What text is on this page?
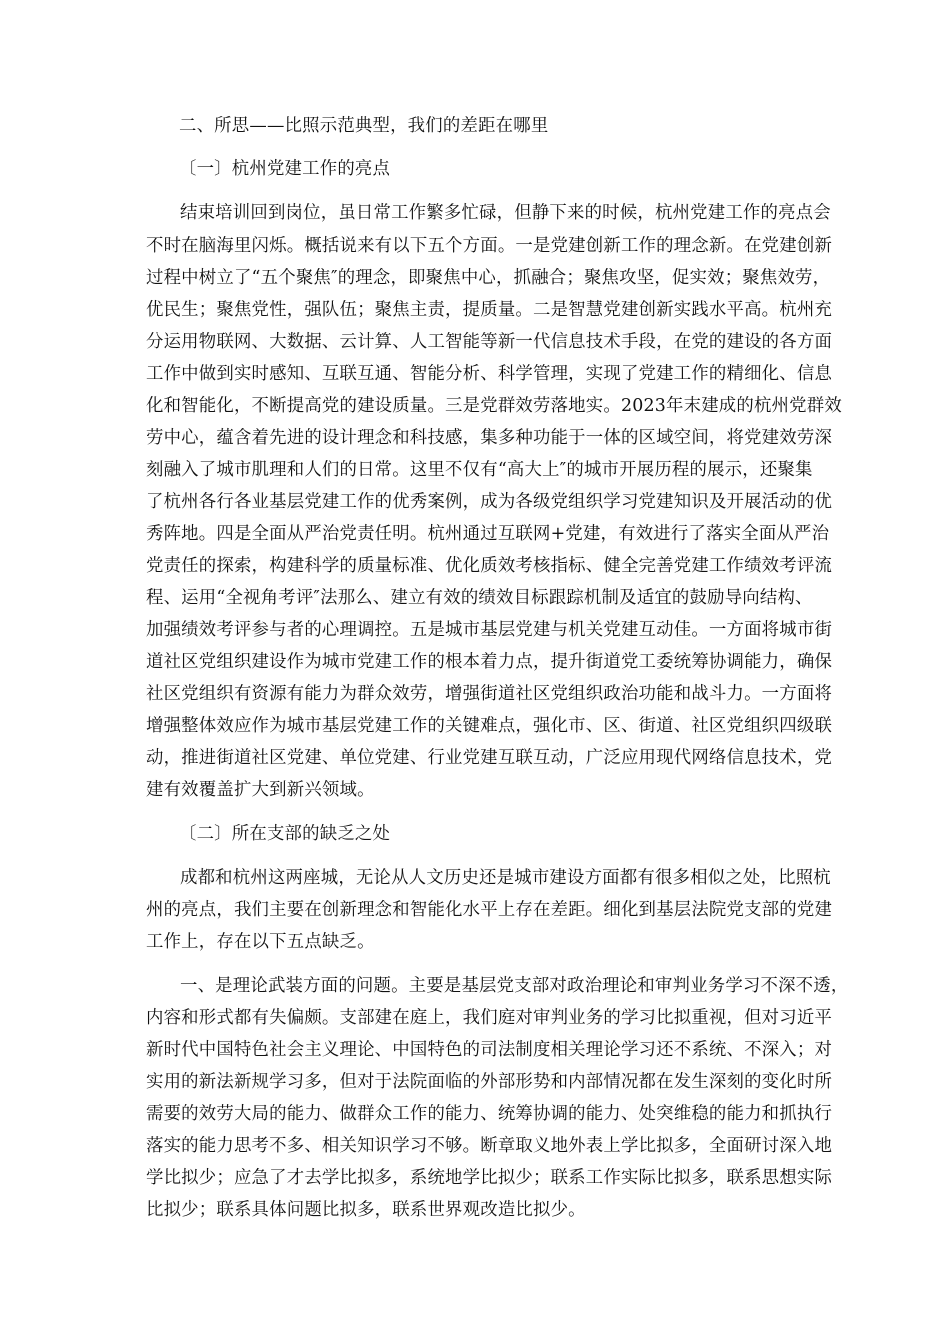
二、所思——比照示范典型，我们的差距在哪里
〔一〕杭州党建工作的亮点
结束培训回到岗位，虽日常工作繁多忙碌，但静下来的时候，杭州党建工作的亮点会
不时在脑海里闪烁。概括说来有以下五个方面。一是党建创新工作的理念新。在党建创新
过程中树立了“五个聚焦″的理念，即聚焦中心，抓融合；聚焦攻坚，促实效；聚焦效劳，
优民生；聚焦党性，强队伍；聚焦主责，提质量。二是智慧党建创新实践水平高。杭州充
分运用物联网、大数据、云计算、人工智能等新一代信息技术手段，在党的建设的各方面
工作中做到实时感知、互联互通、智能分析、科学管理，实现了党建工作的精细化、信息
化和智能化，不断提高党的建设质量。三是党群效劳落地实。2023年末建成的杭州党群效
劳中心，蕴含着先进的设计理念和科技感，集多种功能于一体的区域空间，将党建效劳深
刻融入了城市肌理和人们的日常。这里不仅有“高大上″的城市开展历程的展示，还聚集
了杭州各行各业基层党建工作的优秀案例，成为各级党组织学习党建知识及开展活动的优
秀阵地。四是全面从严治党责任明。杭州通过互联网+党建，有效进行了落实全面从严治
党责任的探索，构建科学的质量标准、优化质效考核指标、健全完善党建工作绩效考评流
程、运用“全视角考评″法那么、建立有效的绩效目标跟踪机制及适宜的鼓励导向结构、
加强绩效考评参与者的心理调控。五是城市基层党建与机关党建互动佳。一方面将城市街
道社区党组织建设作为城市党建工作的根本着力点，提升街道党工委统筹协调能力，确保
社区党组织有资源有能力为群众效劳，增强街道社区党组织政治功能和战斗力。一方面将
增强整体效应作为城市基层党建工作的关键难点，强化市、区、街道、社区党组织四级联
动，推进街道社区党建、单位党建、行业党建互联互动，广泛应用现代网络信息技术，党
建有效覆盖扩大到新兴领域。
〔二〕所在支部的缺乏之处
成都和杭州这两座城，无论从人文历史还是城市建设方面都有很多相似之处，比照杭
州的亮点，我们主要在创新理念和智能化水平上存在差距。细化到基层法院党支部的党建
工作上，存在以下五点缺乏。
一、是理论武装方面的问题。主要是基层党支部对政治理论和审判业务学习不深不透，
内容和形式都有失偏颇。支部建在庭上，我们庭对审判业务的学习比拟重视，但对习近平
新时代中国特色社会主义理论、中国特色的司法制度相关理论学习还不系统、不深入；对
实用的新法新规学习多，但对于法院面临的外部形势和内部情况都在发生深刻的变化时所
需要的效劳大局的能力、做群众工作的能力、统筹协调的能力、处突维稳的能力和抓执行
落实的能力思考不多、相关知识学习不够。断章取义地外表上学比拟多，全面研讨深入地
学比拟少；应急了才去学比拟多，系统地学比拟少；联系工作实际比拟多，联系思想实际
比拟少；联系具体问题比拟多，联系世界观改造比拟少。
